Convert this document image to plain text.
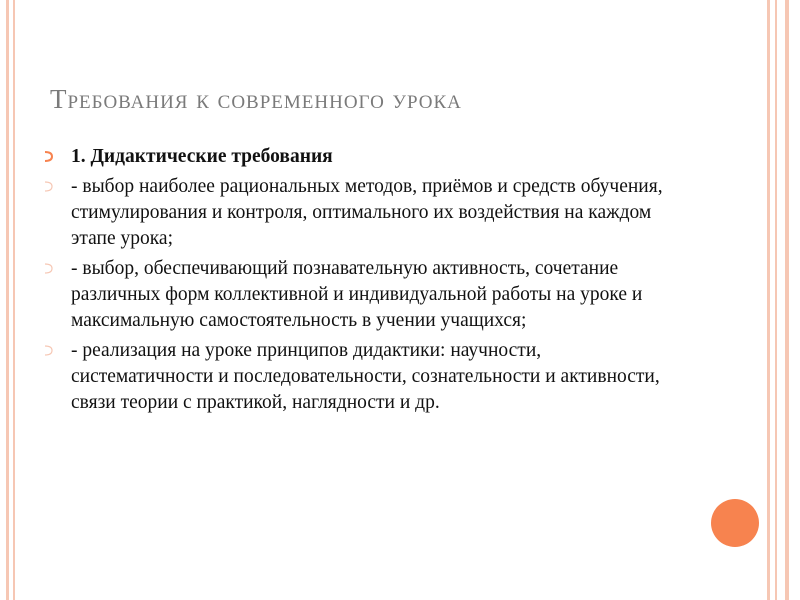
Требования к современного урока
1. Дидактические требования
- выбор наиболее рациональных методов, приёмов и средств обучения, стимулирования и контроля, оптимального их воздействия на каждом этапе урока;
- выбор, обеспечивающий познавательную активность, сочетание различных форм коллективной и индивидуальной работы на уроке и максимальную самостоятельность в учении учащихся;
- реализация на уроке принципов дидактики: научности, систематичности и последовательности, сознательности и активности, связи теории с практикой, наглядности и др.
